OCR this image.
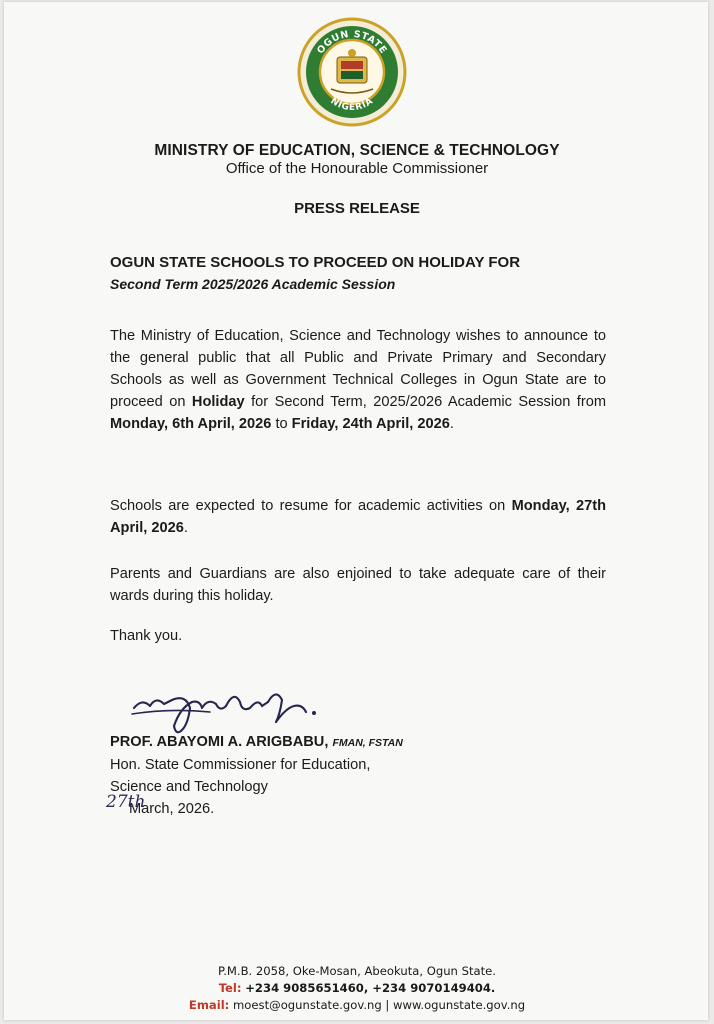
OGUN STATE
NIGERIA
MINISTRY OF EDUCATION, SCIENCE & TECHNOLOGY
Office of the Honourable Commissioner
PRESS RELEASE
OGUN STATE SCHOOLS TO PROCEED ON HOLIDAY FOR
Second Term 2025/2026 Academic Session
The Ministry of Education, Science and Technology wishes to announce to the general public that all Public and Private Primary and Secondary Schools as well as Government Technical Colleges in Ogun State are to proceed on Holiday for Second Term, 2025/2026 Academic Session from Monday, 6th April, 2026 to Friday, 24th April, 2026.
Schools are expected to resume for academic activities on Monday, 27th April, 2026.
Parents and Guardians are also enjoined to take adequate care of their wards during this holiday.
Thank you.
PROF. ABAYOMI A. ARIGBABU, FMAN, FSTAN
Hon. State Commissioner for Education,
Science and Technology
27th
March, 2026.
P.M.B. 2058, Oke-Mosan, Abeokuta, Ogun State.
Tel: +234 9085651460, +234 9070149404.
Email: moest@ogunstate.gov.ng | www.ogunstate.gov.ng
